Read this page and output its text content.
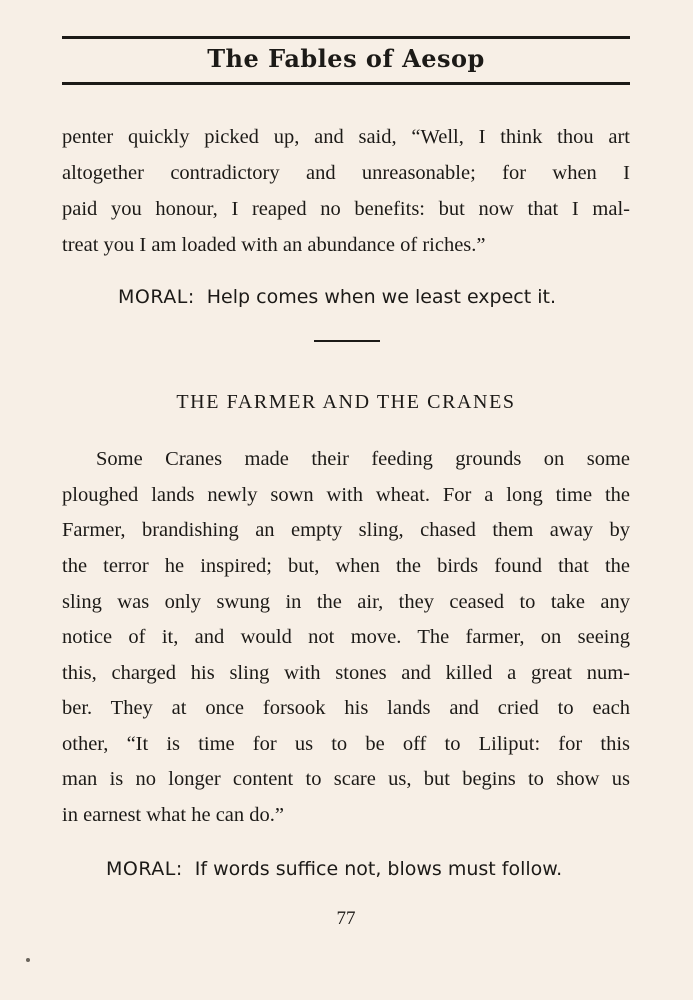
The Fables of Aesop
penter quickly picked up, and said, “Well, I think thou art
altogether contradictory and unreasonable; for when I
paid you honour, I reaped no benefits: but now that I mal-
treat you I am loaded with an abundance of riches.”
MORAL: Help comes when we least expect it.
THE FARMER AND THE CRANES
Some Cranes made their feeding grounds on some
ploughed lands newly sown with wheat. For a long time the
Farmer, brandishing an empty sling, chased them away by
the terror he inspired; but, when the birds found that the
sling was only swung in the air, they ceased to take any
notice of it, and would not move. The farmer, on seeing
this, charged his sling with stones and killed a great num-
ber. They at once forsook his lands and cried to each
other, “It is time for us to be off to Liliput: for this
man is no longer content to scare us, but begins to show us
in earnest what he can do.”
MORAL: If words suffice not, blows must follow.
77
